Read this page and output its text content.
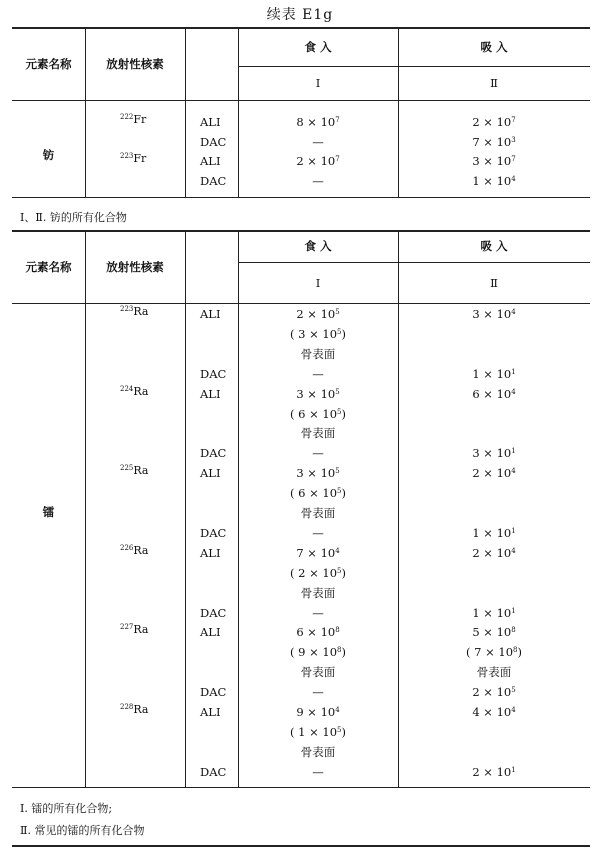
续表 E1g
Ⅰ、Ⅱ. 钫的所有化合物
Ⅰ. 镭的所有化合物;
Ⅱ. 常见的镭的所有化合物
元素名称	放射性核素
食 入	吸 入
Ⅰ	Ⅱ
钫
$^{222}$Fr	ALI	$8 \times 10^7$	$2 \times 10^7$
DAC	—	$7 \times 10^3$
$^{223}$Fr	ALI	$2 \times 10^7$	$3 \times 10^7$
DAC	—	$1 \times 10^4$
元素名称	放射性核素
食 入	吸 入
Ⅰ	Ⅱ
镭
$^{223}$Ra	ALI	$2 \times 10^5$	$3 \times 10^4$
( $3 \times 10^5$)
骨表面
DAC	—	$1 \times 10^1$
$^{224}$Ra	ALI	$3 \times 10^5$	$6 \times 10^4$
( $6 \times 10^5$)
骨表面
DAC	—	$3 \times 10^1$
$^{225}$Ra	ALI	$3 \times 10^5$	$2 \times 10^4$
( $6 \times 10^5$)
骨表面
DAC	—	$1 \times 10^1$
$^{226}$Ra	ALI	$7 \times 10^4$	$2 \times 10^4$
( $2 \times 10^5$)
骨表面
DAC	—	$1 \times 10^1$
$^{227}$Ra	ALI	$6 \times 10^8$	$5 \times 10^8$
( $9 \times 10^8$)	( $7 \times 10^8$)
骨表面	骨表面
DAC	—	$2 \times 10^5$
$^{228}$Ra	ALI	$9 \times 10^4$	$4 \times 10^4$
( $1 \times 10^5$)
骨表面
DAC	—	$2 \times 10^1$
